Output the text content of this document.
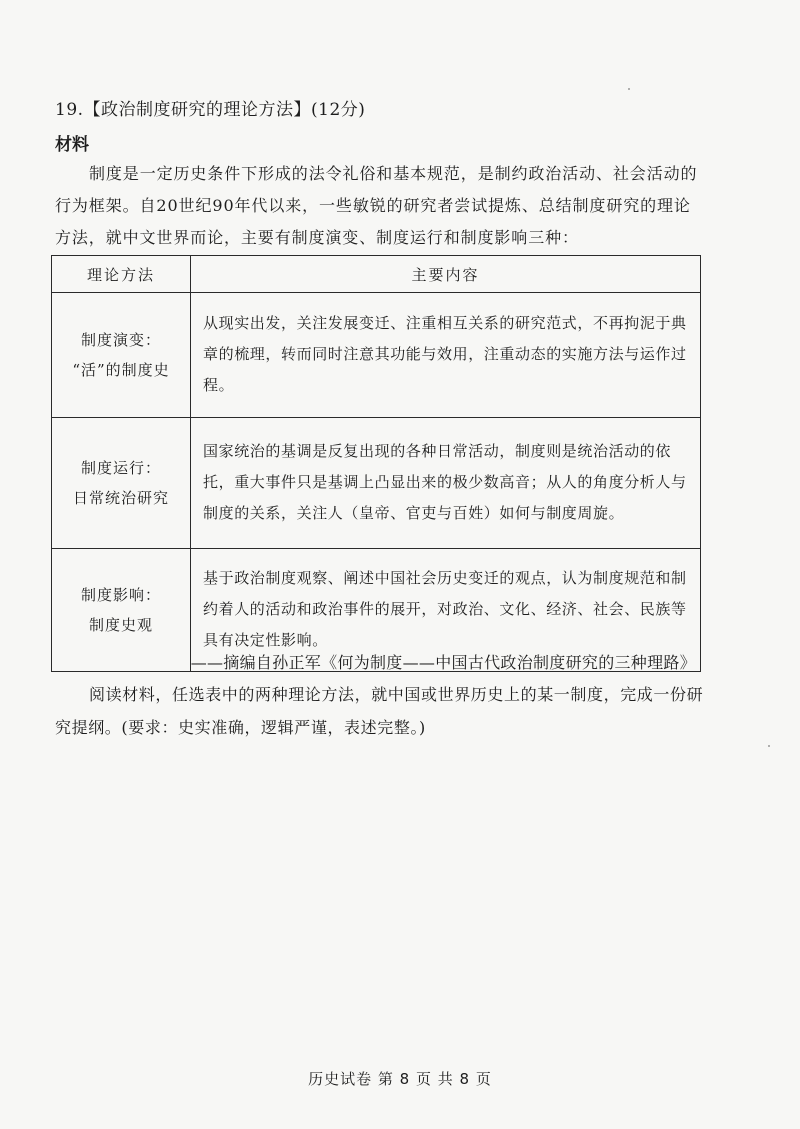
19.【政治制度研究的理论方法】(12分)
材料

制度是一定历史条件下形成的法令礼俗和基本规范，是制约政治活动、社会活动的行为框架。自20世纪90年代以来，一些敏锐的研究者尝试提炼、总结制度研究的理论方法，就中文世界而论，主要有制度演变、制度运行和制度影响三种：

理论方法	主要内容

制度演变：
“活”的制度史	从现实出发，关注发展变迁、注重相互关系的研究范式，不再拘泥于典章的梳理，转而同时注意其功能与效用，注重动态的实施方法与运作过程。

制度运行：
日常统治研究	国家统治的基调是反复出现的各种日常活动，制度则是统治活动的依托，重大事件只是基调上凸显出来的极少数高音；从人的角度分析人与制度的关系，关注人（皇帝、官吏与百姓）如何与制度周旋。

制度影响：
制度史观	基于政治制度观察、阐述中国社会历史变迁的观点，认为制度规范和制约着人的活动和政治事件的展开，对政治、文化、经济、社会、民族等具有决定性影响。
——摘编自孙正军《何为制度——中国古代政治制度研究的三种理路》

阅读材料，任选表中的两种理论方法，就中国或世界历史上的某一制度，完成一份研究提纲。(要求：史实准确，逻辑严谨，表述完整。)

历史试卷 第 8 页 共 8 页
